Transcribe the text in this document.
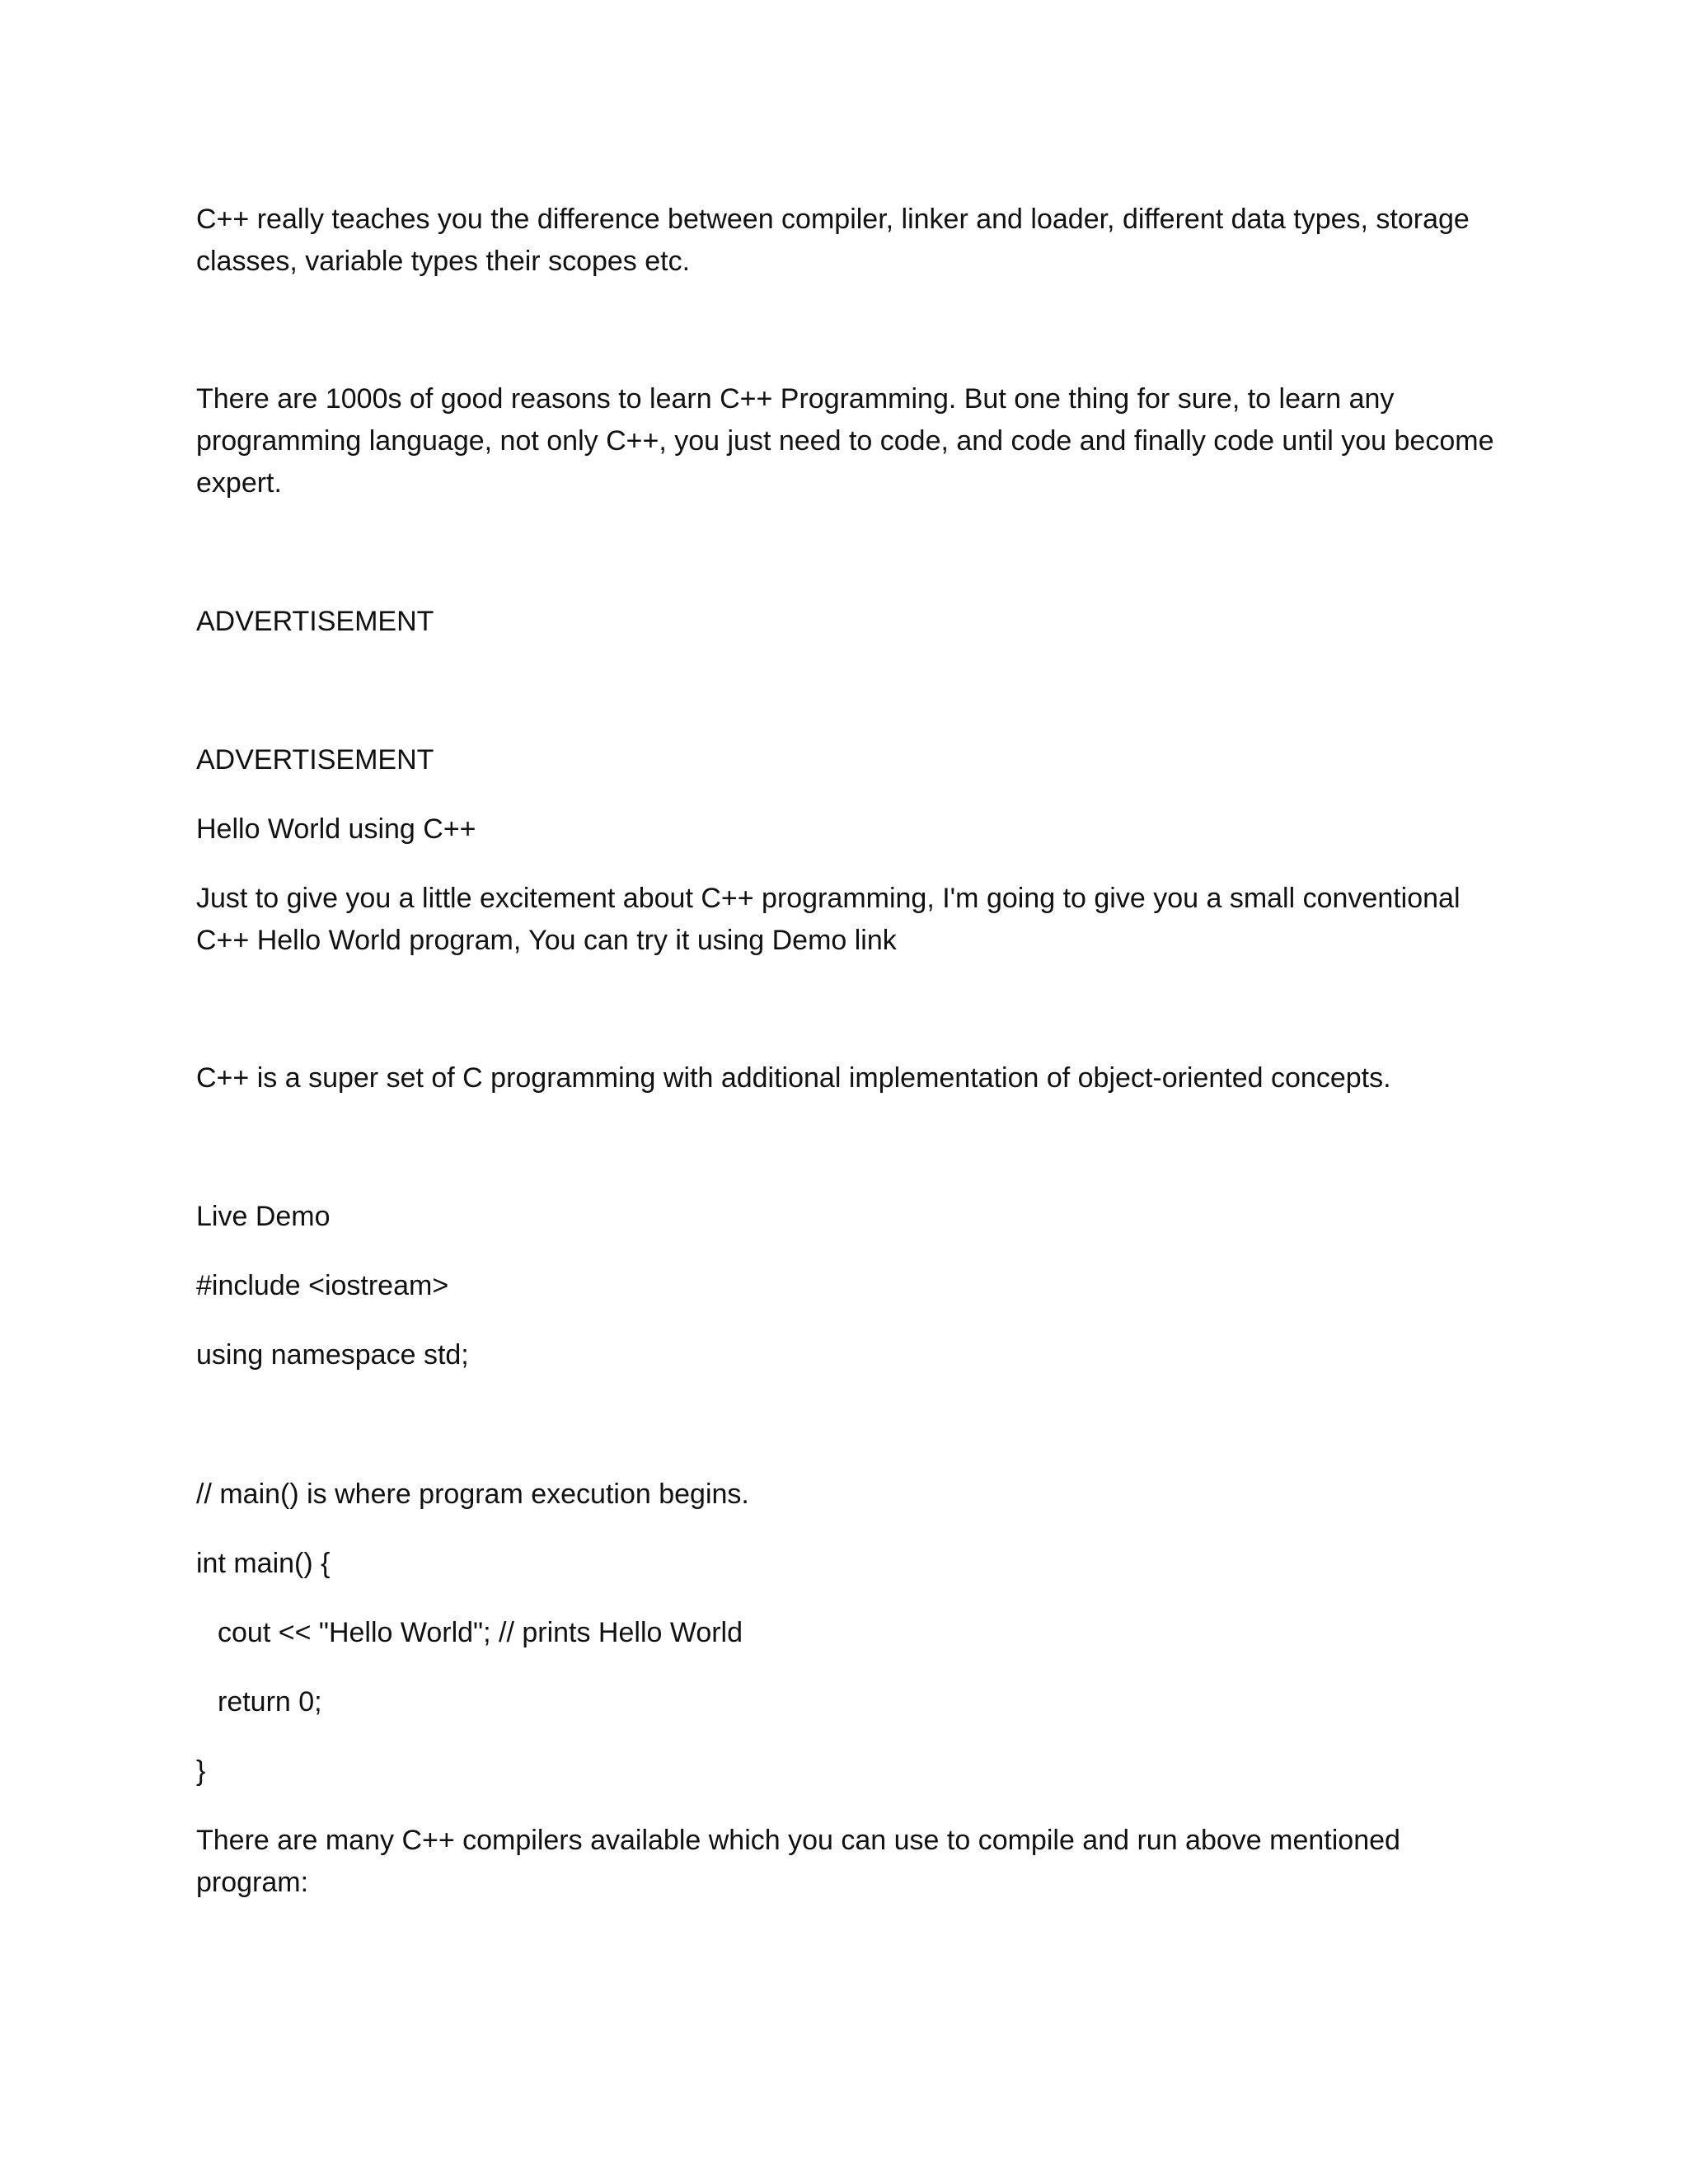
C++ really teaches you the difference between compiler, linker and loader, different data types, storage

classes, variable types their scopes etc.

There are 1000s of good reasons to learn C++ Programming. But one thing for sure, to learn any

programming language, not only C++, you just need to code, and code and finally code until you become

expert.

ADVERTISEMENT

ADVERTISEMENT

Hello World using C++

Just to give you a little excitement about C++ programming, I'm going to give you a small conventional

C++ Hello World program, You can try it using Demo link

C++ is a super set of C programming with additional implementation of object-oriented concepts.

Live Demo

#include <iostream>

using namespace std;

// main() is where program execution begins.

int main() {

cout << "Hello World"; // prints Hello World

return 0;

}

There are many C++ compilers available which you can use to compile and run above mentioned

program:
